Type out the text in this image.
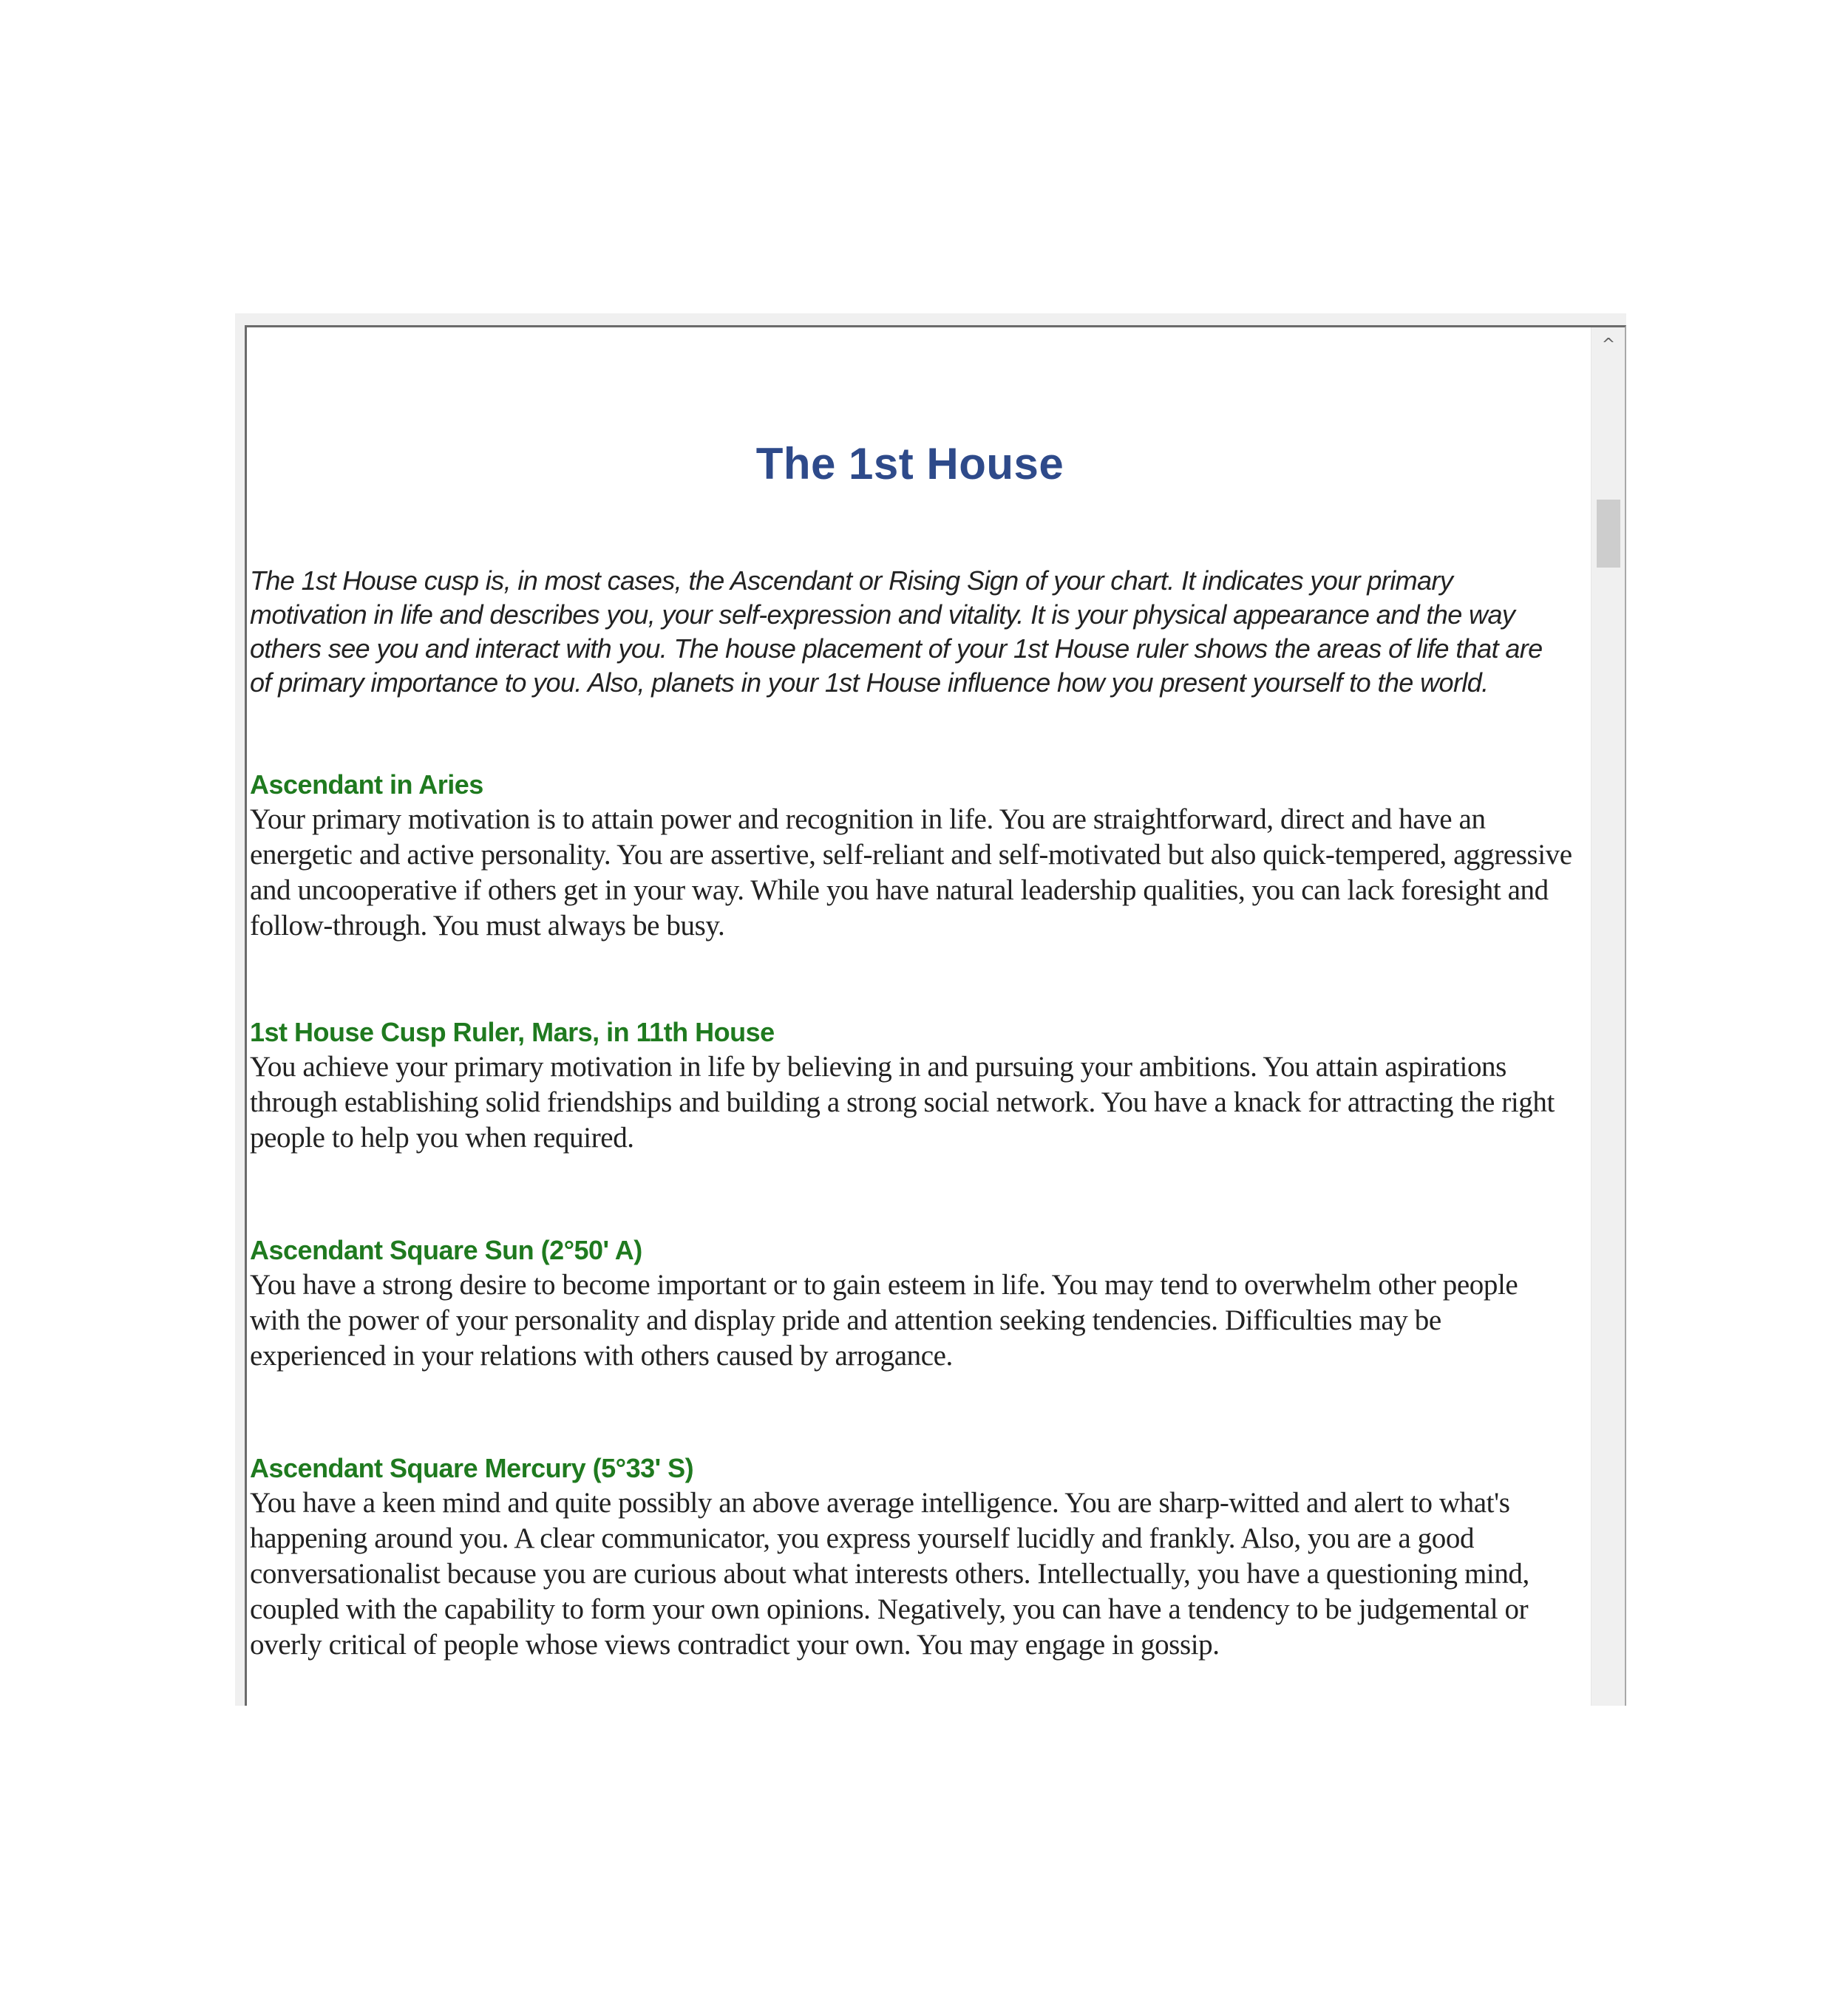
The 1st House
The 1st House cusp is, in most cases, the Ascendant or Rising Sign of your chart. It indicates your primary motivation in life and describes you, your self-expression and vitality. It is your physical appearance and the way others see you and interact with you. The house placement of your 1st House ruler shows the areas of life that are of primary importance to you. Also, planets in your 1st House influence how you present yourself to the world.
Ascendant in Aries
Your primary motivation is to attain power and recognition in life. You are straightforward, direct and have an energetic and active personality. You are assertive, self-reliant and self-motivated but also quick-tempered, aggressive and uncooperative if others get in your way. While you have natural leadership qualities, you can lack foresight and follow-through. You must always be busy.
1st House Cusp Ruler, Mars, in 11th House
You achieve your primary motivation in life by believing in and pursuing your ambitions. You attain aspirations through establishing solid friendships and building a strong social network. You have a knack for attracting the right people to help you when required.
Ascendant Square Sun (2°50' A)
You have a strong desire to become important or to gain esteem in life. You may tend to overwhelm other people with the power of your personality and display pride and attention seeking tendencies. Difficulties may be experienced in your relations with others caused by arrogance.
Ascendant Square Mercury (5°33' S)
You have a keen mind and quite possibly an above average intelligence. You are sharp-witted and alert to what's happening around you. A clear communicator, you express yourself lucidly and frankly. Also, you are a good conversationalist because you are curious about what interests others. Intellectually, you have a questioning mind, coupled with the capability to form your own opinions. Negatively, you can have a tendency to be judgemental or overly critical of people whose views contradict your own. You may engage in gossip.
^
